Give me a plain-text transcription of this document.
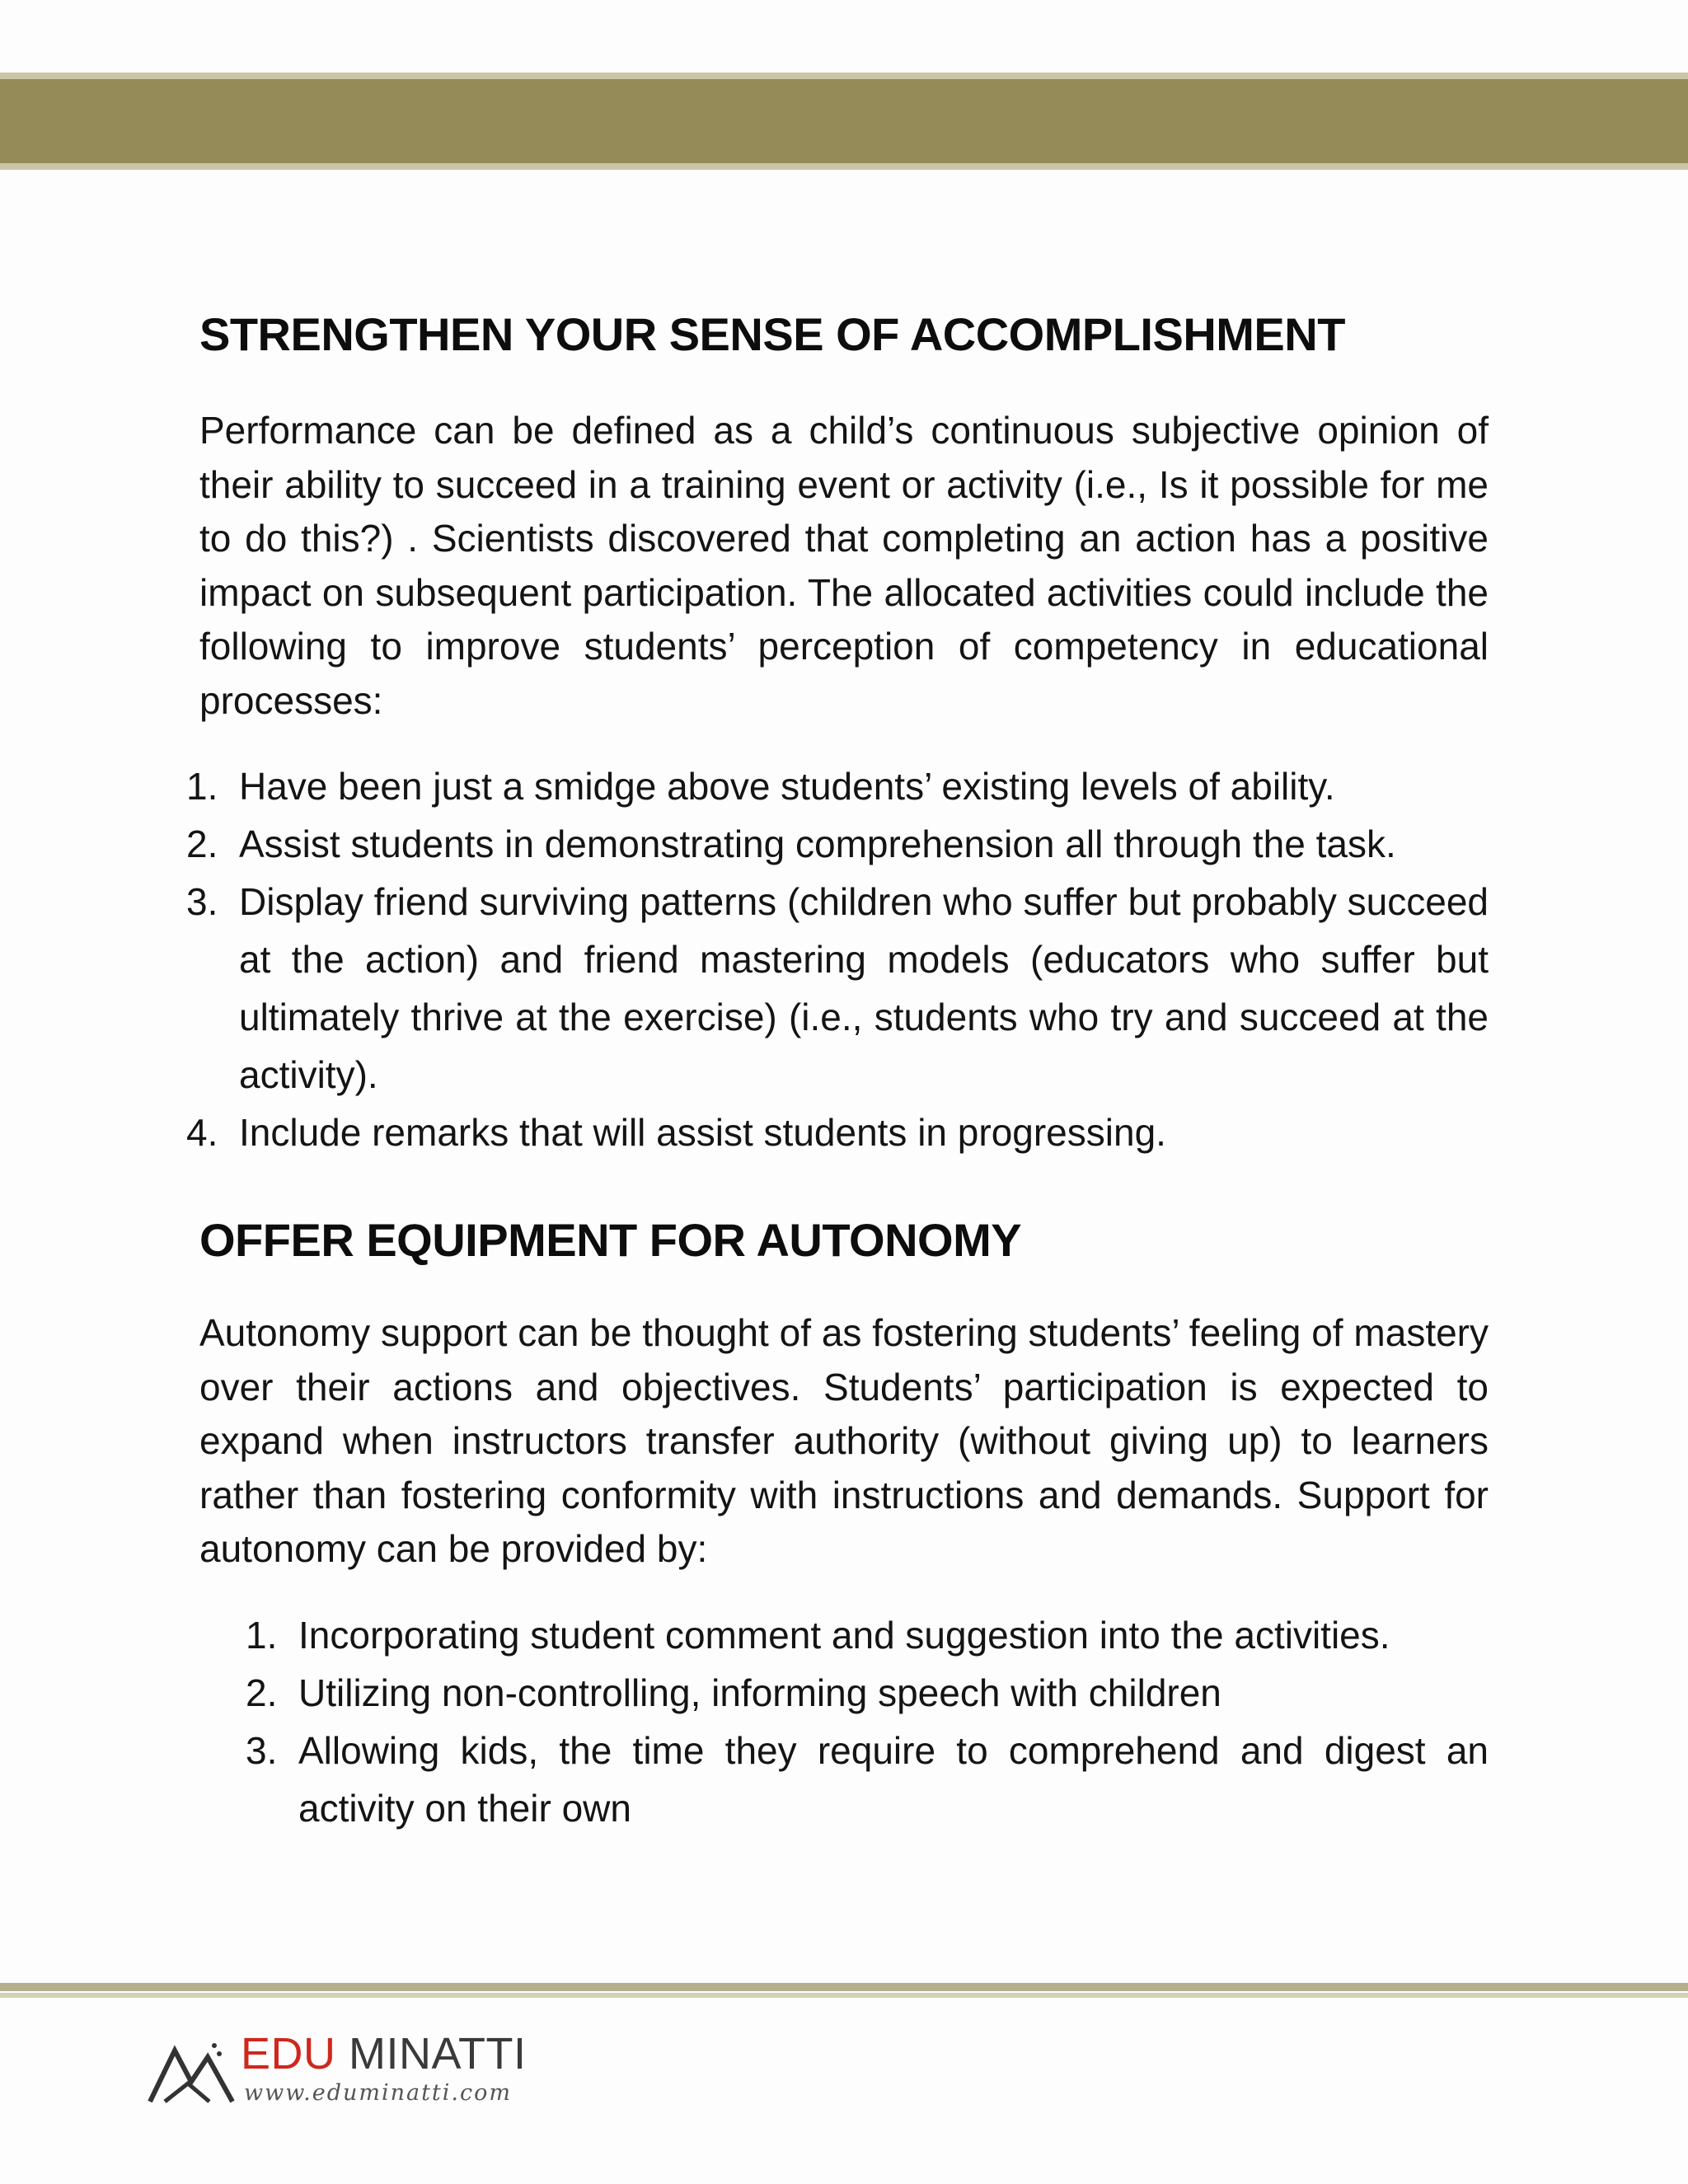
STRENGTHEN YOUR SENSE OF ACCOMPLISHMENT

Performance can be defined as a child’s continuous subjective opinion of their ability to succeed in a training event or activity (i.e., Is it possible for me to do this?) . Scientists discovered that completing an action has a positive impact on subsequent participation. The allocated activities could include the following to improve students’ perception of competency in educational processes:

1. Have been just a smidge above students’ existing levels of ability.
2. Assist students in demonstrating comprehension all through the task.
3. Display friend surviving patterns (children who suffer but probably succeed at the action) and friend mastering models (educators who suffer but ultimately thrive at the exercise) (i.e., students who try and succeed at the activity).
4. Include remarks that will assist students in progressing.
OFFER EQUIPMENT FOR AUTONOMY

Autonomy support can be thought of as fostering students’ feeling of mastery over their actions and objectives. Students’ participation is expected to expand when instructors transfer authority (without giving up) to learners rather than fostering conformity with instructions and demands. Support for autonomy can be provided by:

1. Incorporating student comment and suggestion into the activities.
2. Utilizing non-controlling, informing speech with children
3. Allowing kids, the time they require to comprehend and digest an activity on their own
EDU MINATTI
www.eduminatti.com
